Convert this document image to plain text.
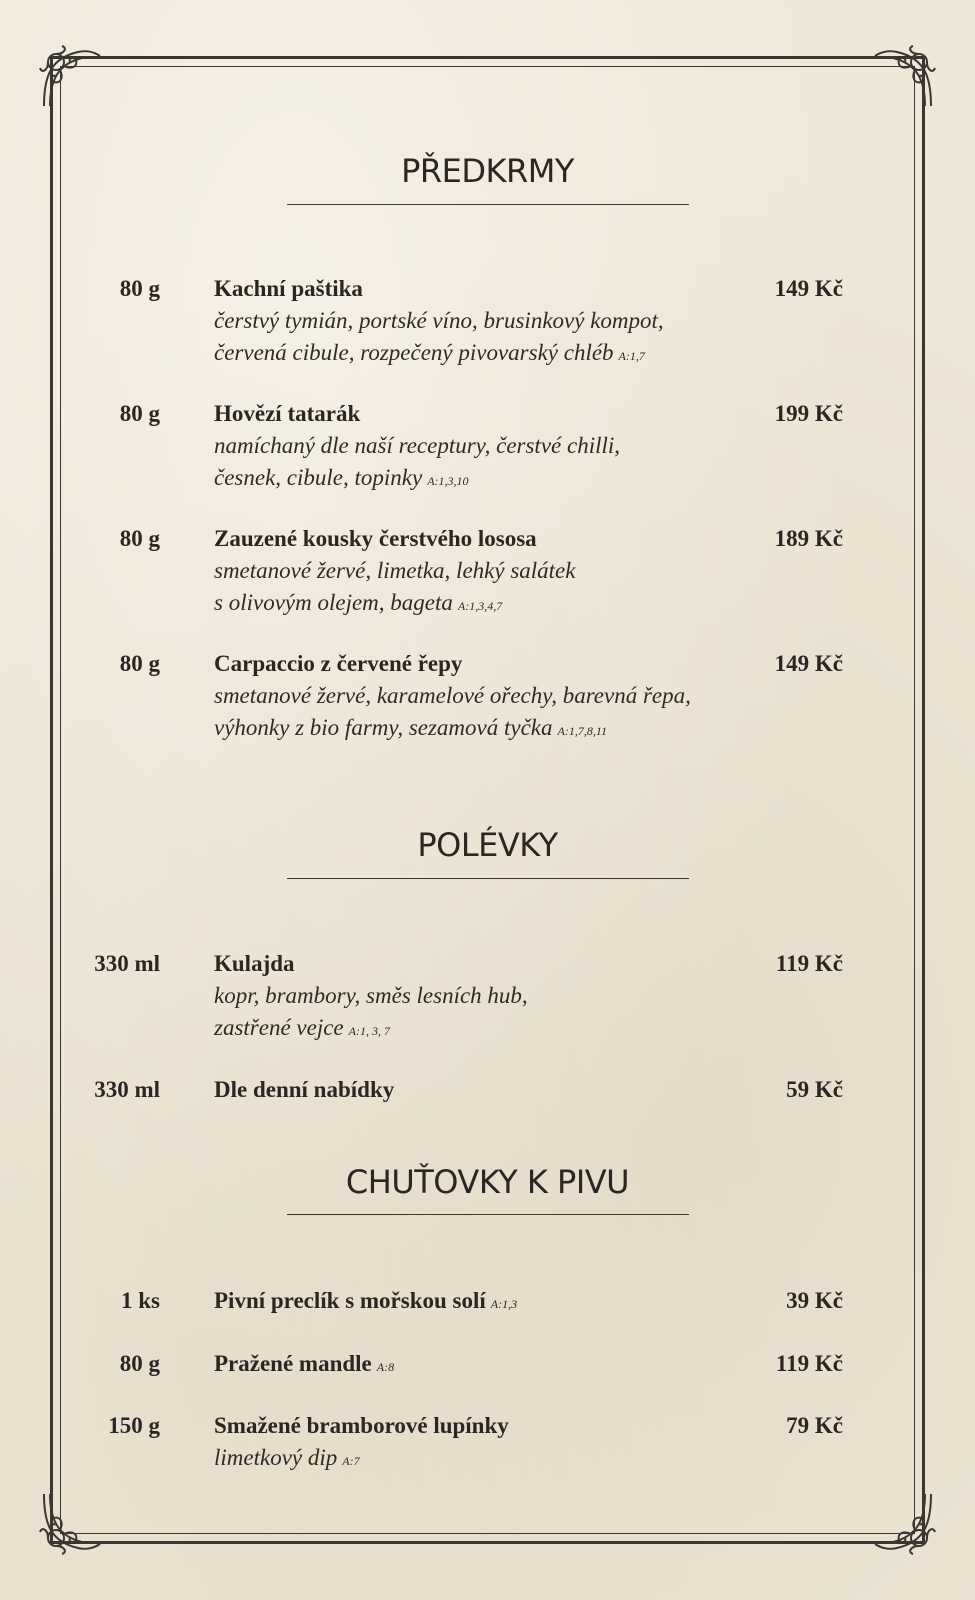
PŘEDKRMY
80 g Kachní paštika	149 Kč
čerstvý tymián, portské víno, brusinkový kompot,
červená cibule, rozpečený pivovarský chléb A:1,7
80 g Hovězí tatarák	199 Kč
namíchaný dle naší receptury, čerstvé chilli,
česnek, cibule, topinky A:1,3,10
80 g Zauzené kousky čerstvého lososa	189 Kč
smetanové žervé, limetka, lehký salátek
s olivovým olejem, bageta A:1,3,4,7
80 g Carpaccio z červené řepy	149 Kč
smetanové žervé, karamelové ořechy, barevná řepa,
výhonky z bio farmy, sezamová tyčka A:1,7,8,11
POLÉVKY
330 ml Kulajda	119 Kč
kopr, brambory, směs lesních hub,
zastřené vejce A:1, 3, 7
330 ml Dle denní nabídky	59 Kč
CHUŤOVKY K PIVU
1 ks Pivní preclík s mořskou solí A:1,3	39 Kč
80 g Pražené mandle A:8	119 Kč
150 g Smažené bramborové lupínky	79 Kč
limetkový dip A:7
